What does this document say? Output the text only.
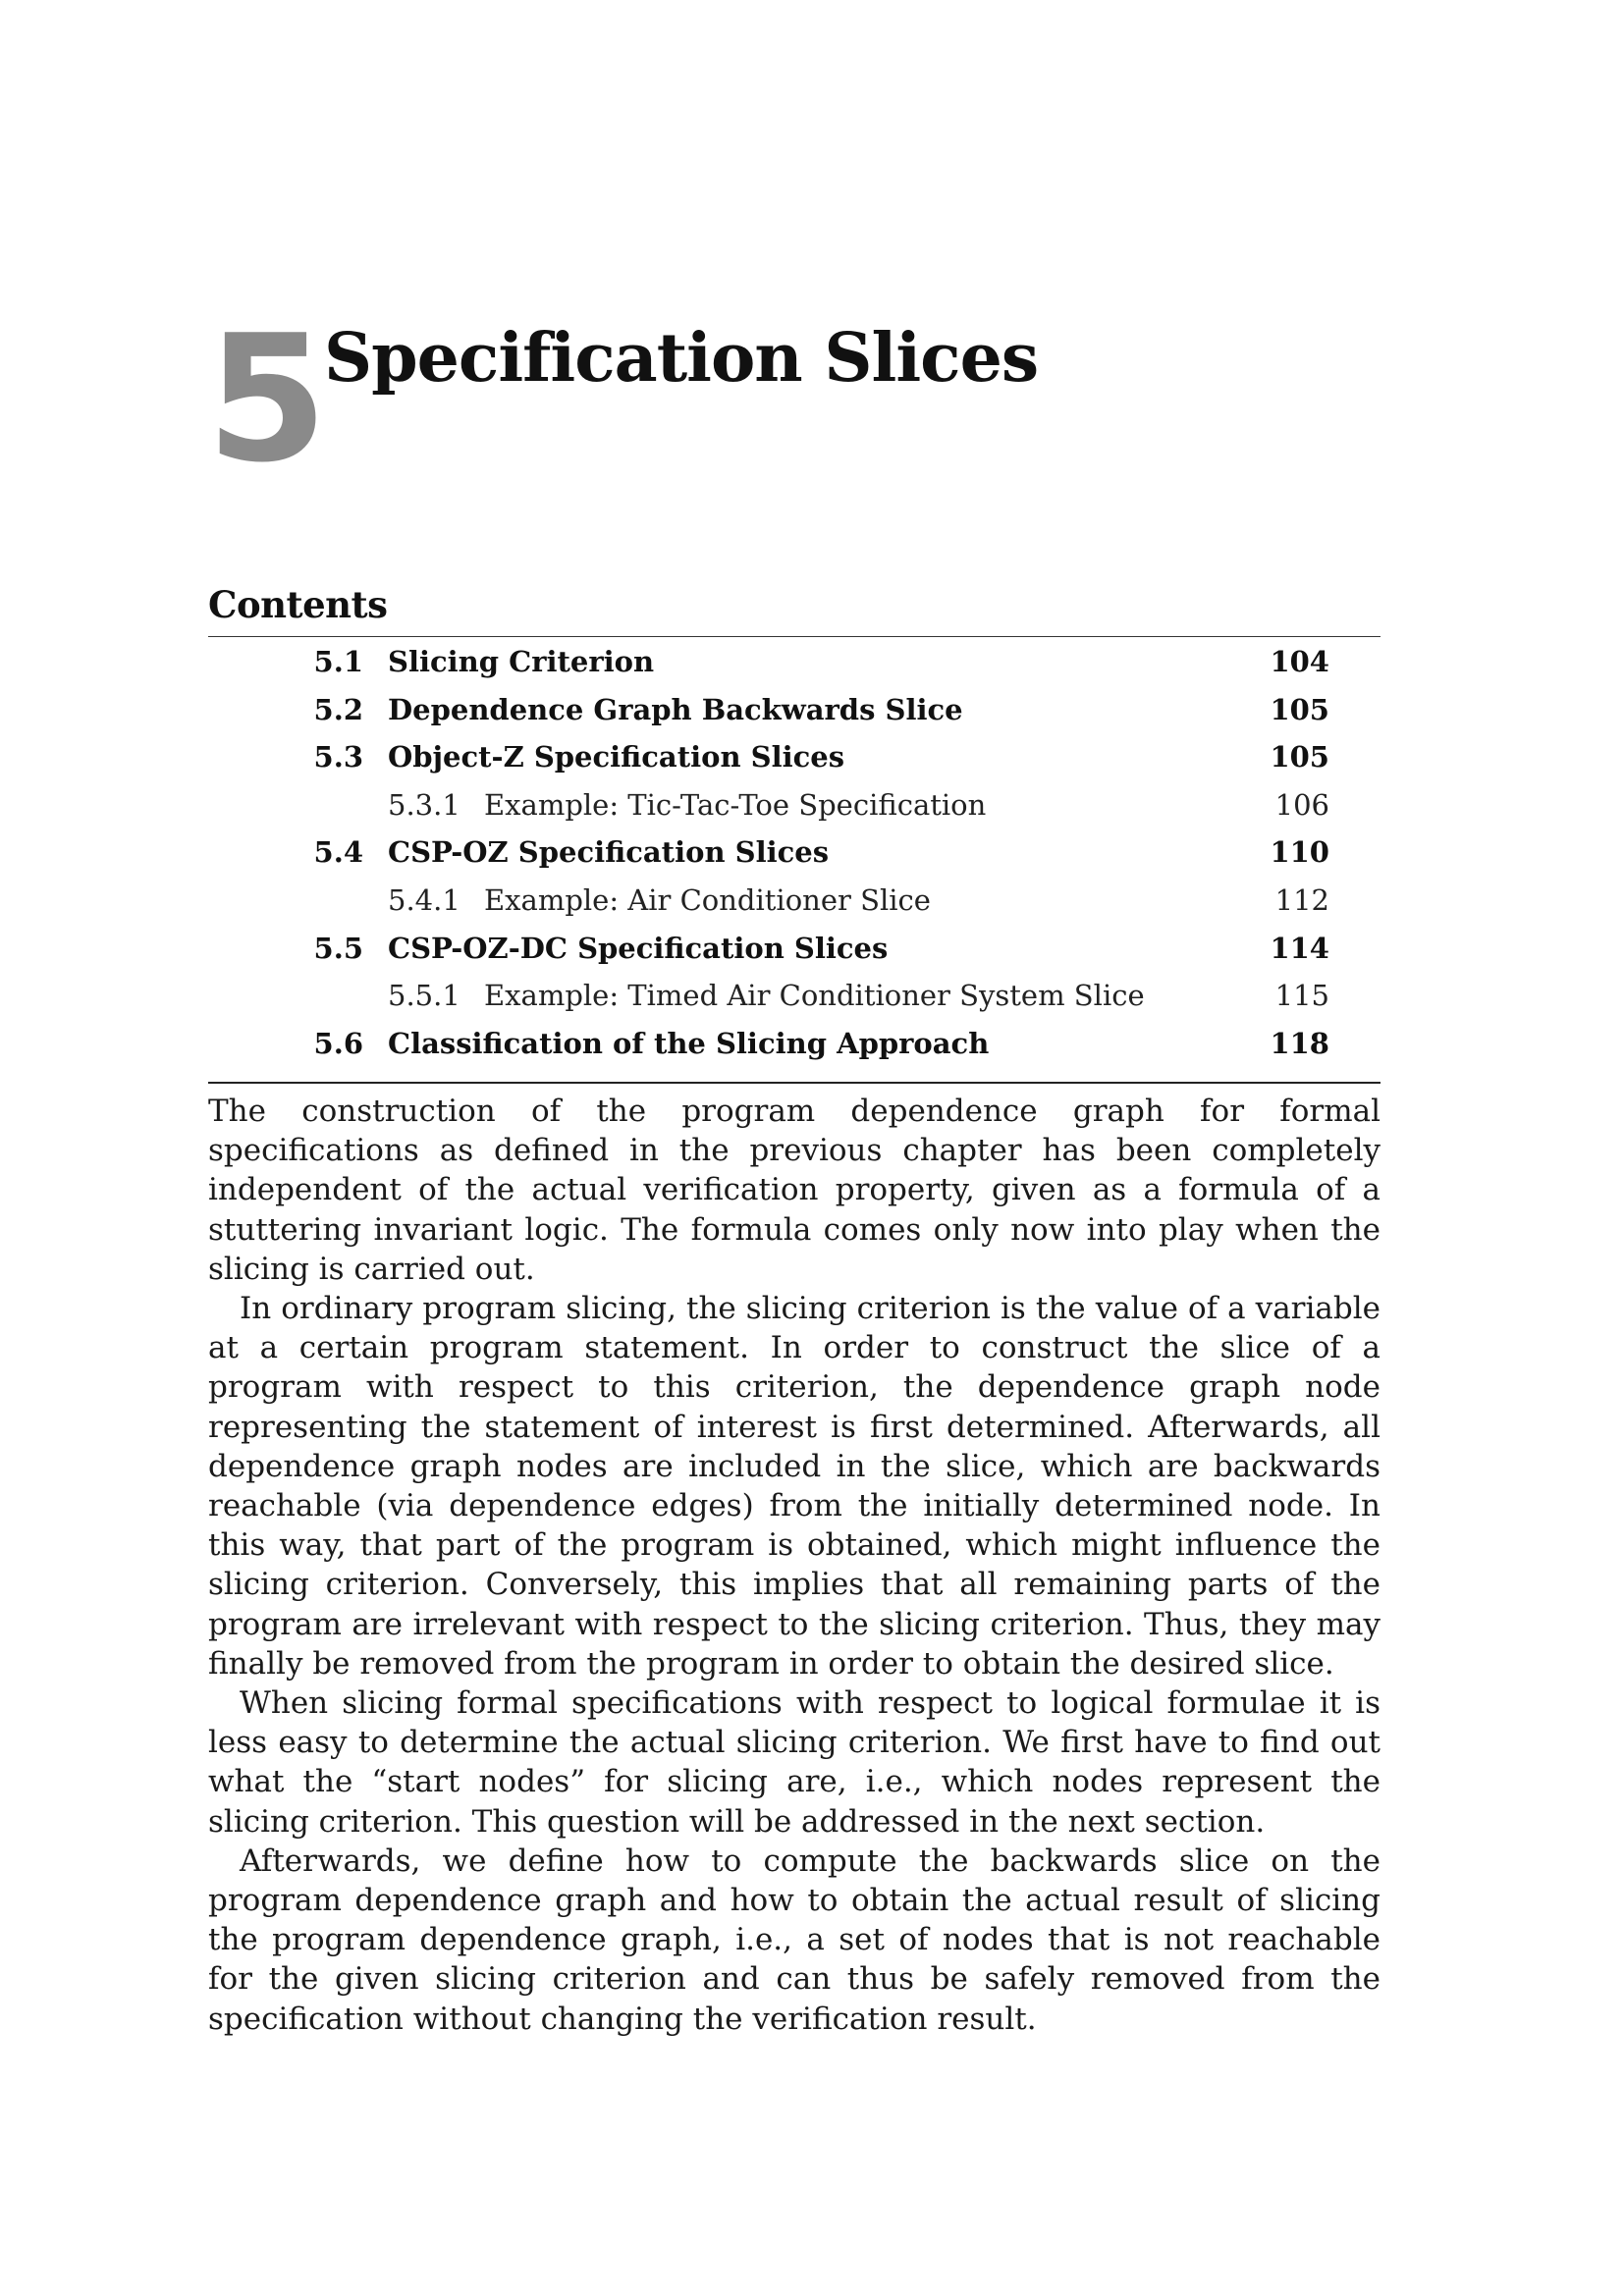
5 Specification Slices
Contents
5.1 Slicing Criterion	104
5.2 Dependence Graph Backwards Slice	105
5.3 Object-Z Specification Slices	105
5.3.1 Example: Tic-Tac-Toe Specification	106
5.4 CSP-OZ Specification Slices	110
5.4.1 Example: Air Conditioner Slice	112
5.5 CSP-OZ-DC Specification Slices	114
5.5.1 Example: Timed Air Conditioner System Slice	115
5.6 Classification of the Slicing Approach	118

The construction of the program dependence graph for formal specifications as defined in the previous chapter has been completely independent of the actual verification property, given as a formula of a stuttering invariant logic. The formula comes only now into play when the slicing is carried out.

In ordinary program slicing, the slicing criterion is the value of a variable at a certain program statement. In order to construct the slice of a program with respect to this criterion, the dependence graph node representing the statement of interest is first determined. Afterwards, all dependence graph nodes are included in the slice, which are backwards reachable (via dependence edges) from the initially determined node. In this way, that part of the program is obtained, which might influence the slicing criterion. Conversely, this implies that all remaining parts of the program are irrelevant with respect to the slicing criterion. Thus, they may finally be removed from the program in order to obtain the desired slice.

When slicing formal specifications with respect to logical formulae it is less easy to determine the actual slicing criterion. We first have to find out what the “start nodes” for slicing are, i.e., which nodes represent the slicing criterion. This question will be addressed in the next section.

Afterwards, we define how to compute the backwards slice on the program dependence graph and how to obtain the actual result of slicing the program dependence graph, i.e., a set of nodes that is not reachable for the given slicing criterion and can thus be safely removed from the specification without changing the verification result.
